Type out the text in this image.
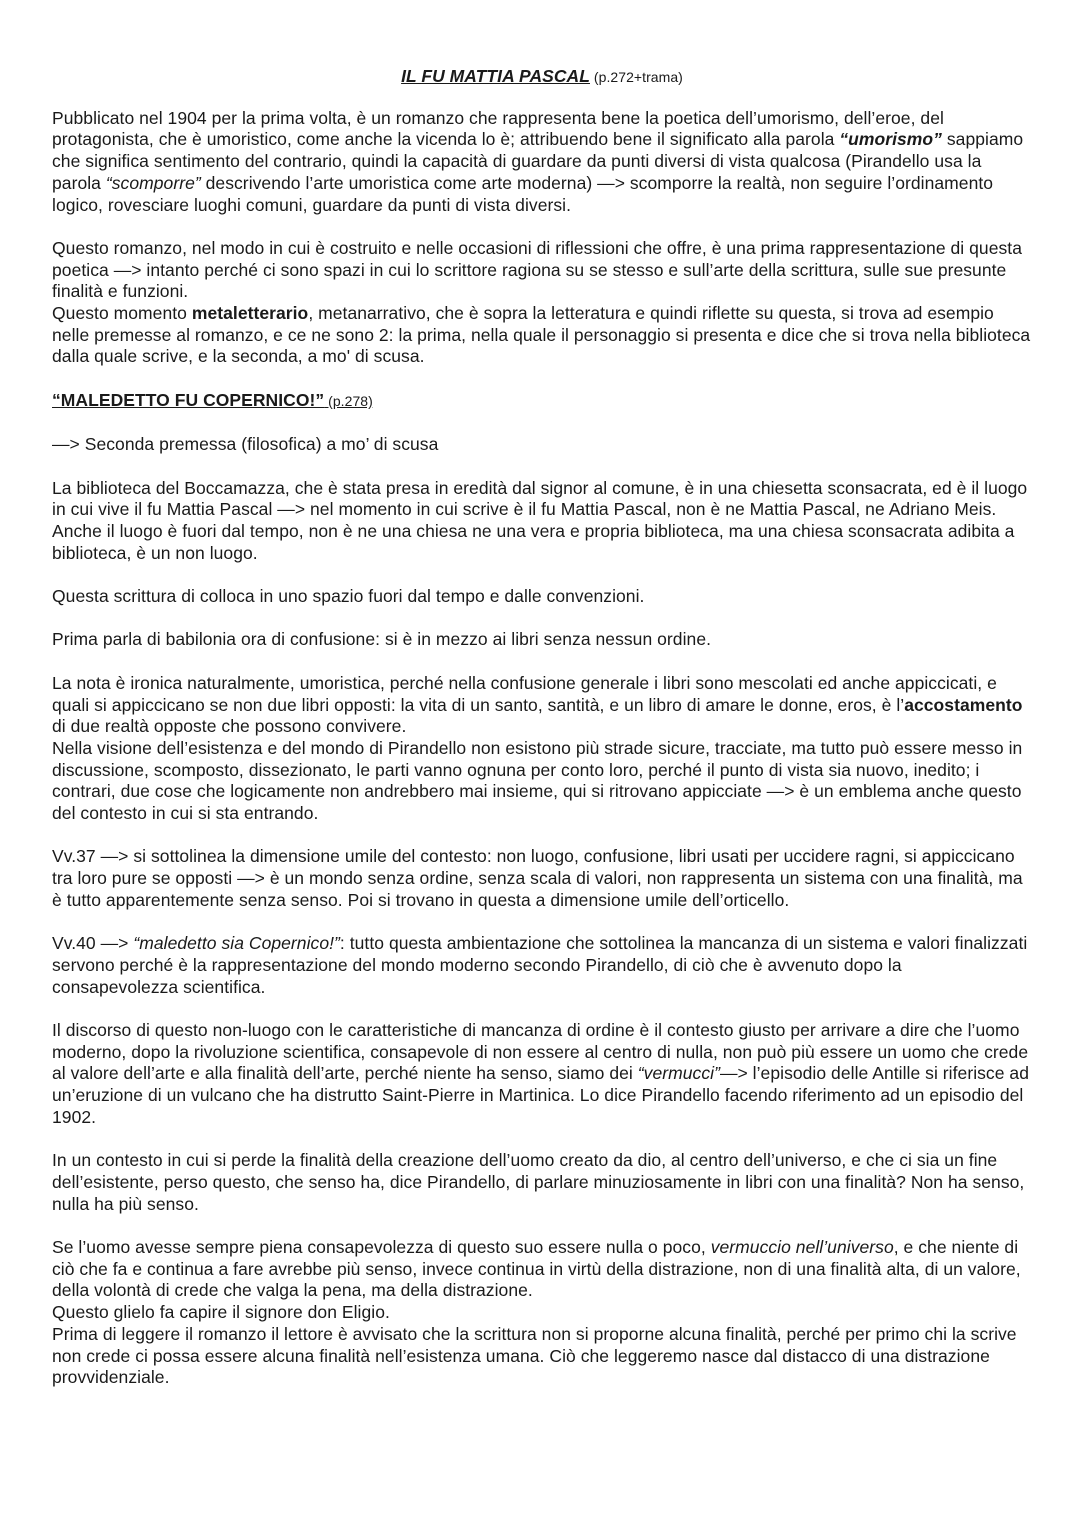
IL FU MATTIA PASCAL (p.272+trama)

Pubblicato nel 1904 per la prima volta, è un romanzo che rappresenta bene la poetica dell’umorismo, dell’eroe, del protagonista, che è umoristico, come anche la vicenda lo è; attribuendo bene il significato alla parola “umorismo” sappiamo che significa sentimento del contrario, quindi la capacità di guardare da punti diversi di vista qualcosa (Pirandello usa la parola “scomporre” descrivendo l’arte umoristica come arte moderna) —> scomporre la realtà, non seguire l’ordinamento logico, rovesciare luoghi comuni, guardare da punti di vista diversi.

Questo romanzo, nel modo in cui è costruito e nelle occasioni di riflessioni che offre, è una prima rappresentazione di questa poetica —> intanto perché ci sono spazi in cui lo scrittore ragiona su se stesso e sull’arte della scrittura, sulle sue presunte finalità e funzioni.

Questo momento metaletterario, metanarrativo, che è sopra la letteratura e quindi riflette su questa, si trova ad esempio nelle premesse al romanzo, e ce ne sono 2: la prima, nella quale il personaggio si presenta e dice che si trova nella biblioteca dalla quale scrive, e la seconda, a mo' di scusa.

“MALEDETTO FU COPERNICO!” (p.278)

—> Seconda premessa (filosofica) a mo’ di scusa

La biblioteca del Boccamazza, che è stata presa in eredità dal signor al comune, è in una chiesetta sconsacrata, ed è il luogo in cui vive il fu Mattia Pascal —> nel momento in cui scrive è il fu Mattia Pascal, non è ne Mattia Pascal, ne Adriano Meis. Anche il luogo è fuori dal tempo, non è ne una chiesa ne una vera e propria biblioteca, ma una chiesa sconsacrata adibita a biblioteca, è un non luogo.

Questa scrittura di colloca in uno spazio fuori dal tempo e dalle convenzioni.

Prima parla di babilonia ora di confusione: si è in mezzo ai libri senza nessun ordine.

La nota è ironica naturalmente, umoristica, perché nella confusione generale i libri sono mescolati ed anche appiccicati, e quali si appiccicano se non due libri opposti: la vita di un santo, santità, e un libro di amare le donne, eros, è l’accostamento di due realtà opposte che possono convivere.

Nella visione dell’esistenza e del mondo di Pirandello non esistono più strade sicure, tracciate, ma tutto può essere messo in discussione, scomposto, dissezionato, le parti vanno ognuna per conto loro, perché il punto di vista sia nuovo, inedito; i contrari, due cose che logicamente non andrebbero mai insieme, qui si ritrovano appicciate —> è un emblema anche questo del contesto in cui si sta entrando.

Vv.37 —> si sottolinea la dimensione umile del contesto: non luogo, confusione, libri usati per uccidere ragni, si appiccicano tra loro pure se opposti —> è un mondo senza ordine, senza scala di valori, non rappresenta un sistema con una finalità, ma è tutto apparentemente senza senso. Poi si trovano in questa a dimensione umile dell’orticello.

Vv.40 —> “maledetto sia Copernico!”: tutto questa ambientazione che sottolinea la mancanza di un sistema e valori finalizzati servono perché è la rappresentazione del mondo moderno secondo Pirandello, di ciò che è avvenuto dopo la consapevolezza scientifica.

Il discorso di questo non-luogo con le caratteristiche di mancanza di ordine è il contesto giusto per arrivare a dire che l’uomo moderno, dopo la rivoluzione scientifica, consapevole di non essere al centro di nulla, non può più essere un uomo che crede al valore dell’arte e alla finalità dell’arte, perché niente ha senso, siamo dei “vermucci”—> l’episodio delle Antille si riferisce ad un’eruzione di un vulcano che ha distrutto Saint-Pierre in Martinica. Lo dice Pirandello facendo riferimento ad un episodio del 1902.

In un contesto in cui si perde la finalità della creazione dell’uomo creato da dio, al centro dell’universo, e che ci sia un fine dell’esistente, perso questo, che senso ha, dice Pirandello, di parlare minuziosamente in libri con una finalità? Non ha senso, nulla ha più senso.

Se l’uomo avesse sempre piena consapevolezza di questo suo essere nulla o poco, vermuccio nell’universo, e che niente di ciò che fa e continua a fare avrebbe più senso, invece continua in virtù della distrazione, non di una finalità alta, di un valore, della volontà di crede che valga la pena, ma della distrazione.

Questo glielo fa capire il signore don Eligio.

Prima di leggere il romanzo il lettore è avvisato che la scrittura non si proporne alcuna finalità, perché per primo chi la scrive non crede ci possa essere alcuna finalità nell’esistenza umana. Ciò che leggeremo nasce dal distacco di una distrazione provvidenziale.
